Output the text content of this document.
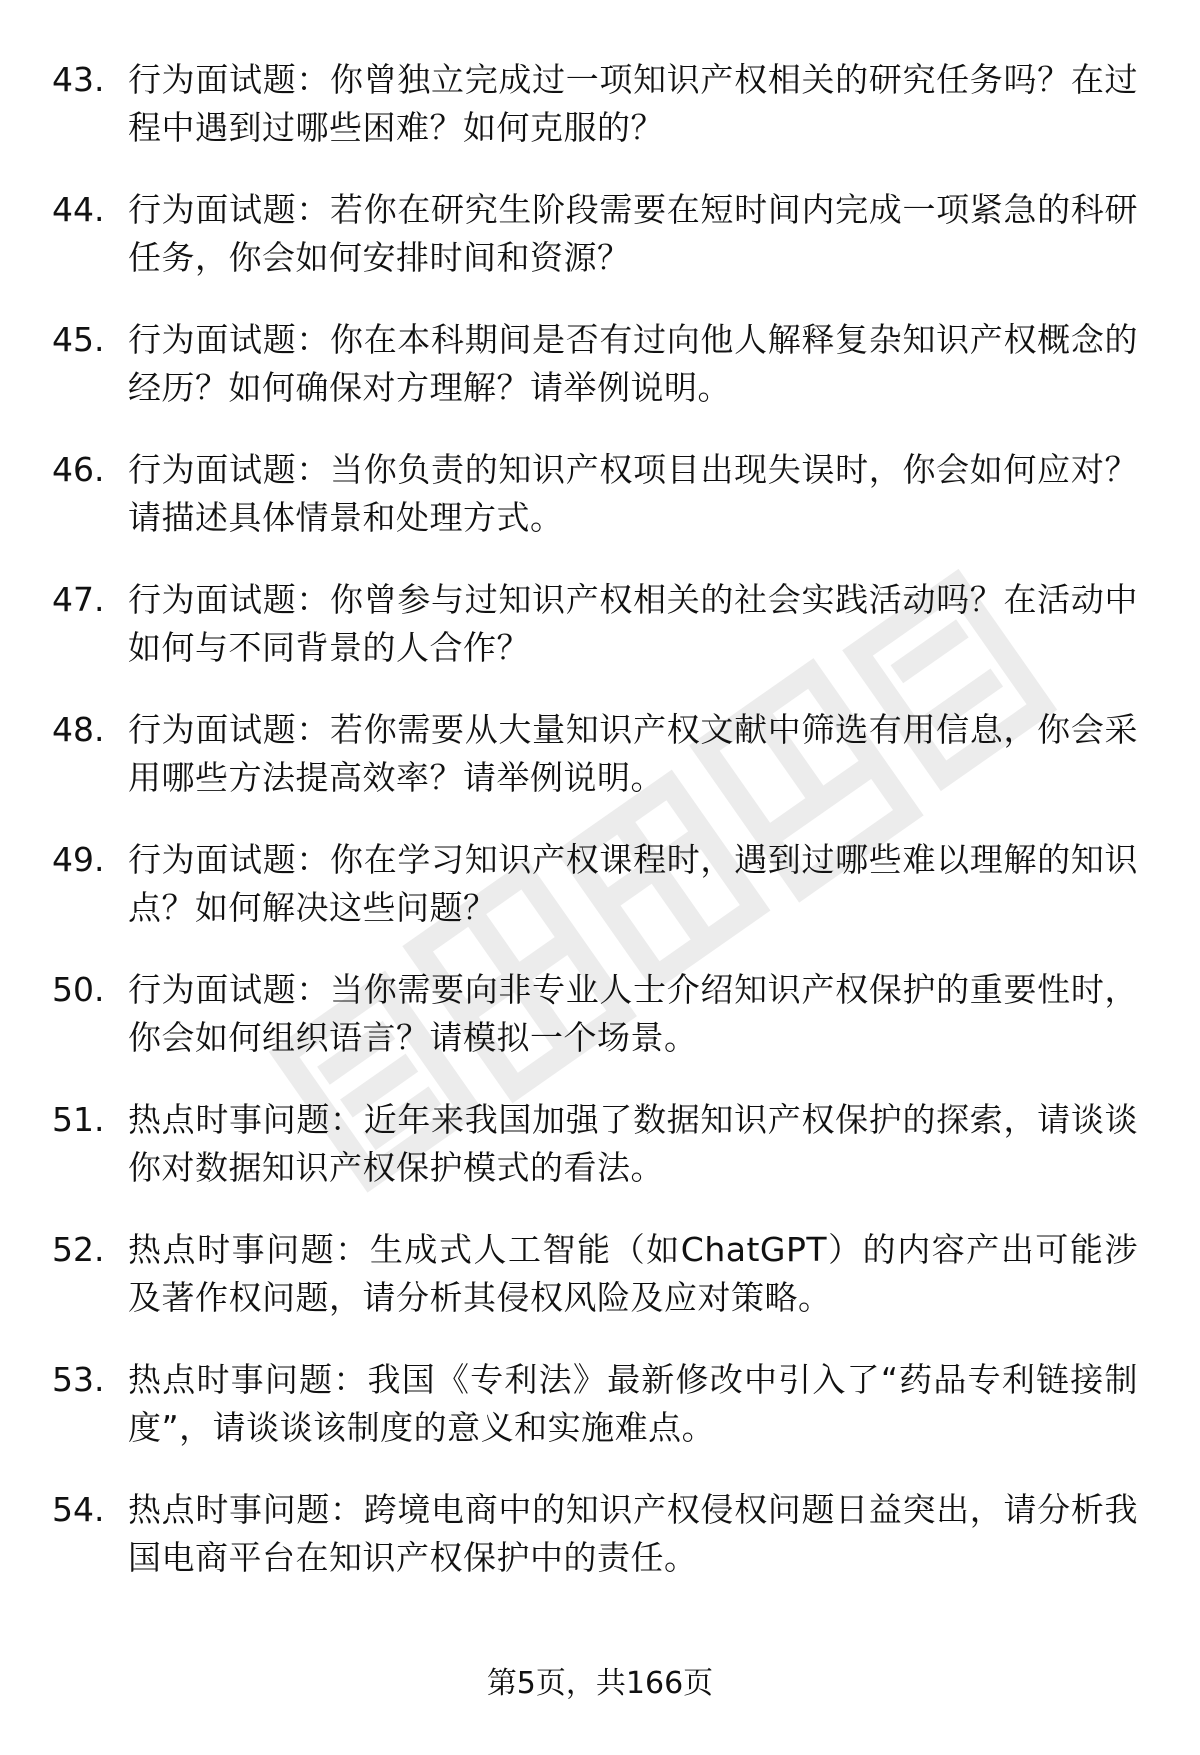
43. 行为面试题：你曾独立完成过一项知识产权相关的研究任务吗？在过程中遇到过哪些困难？如何克服的？
44. 行为面试题：若你在研究生阶段需要在短时间内完成一项紧急的科研任务，你会如何安排时间和资源？
45. 行为面试题：你在本科期间是否有过向他人解释复杂知识产权概念的经历？如何确保对方理解？请举例说明。
46. 行为面试题：当你负责的知识产权项目出现失误时，你会如何应对？请描述具体情景和处理方式。
47. 行为面试题：你曾参与过知识产权相关的社会实践活动吗？在活动中如何与不同背景的人合作？
48. 行为面试题：若你需要从大量知识产权文献中筛选有用信息，你会采用哪些方法提高效率？请举例说明。
49. 行为面试题：你在学习知识产权课程时，遇到过哪些难以理解的知识点？如何解决这些问题？
50. 行为面试题：当你需要向非专业人士介绍知识产权保护的重要性时，你会如何组织语言？请模拟一个场景。
51. 热点时事问题：近年来我国加强了数据知识产权保护的探索，请谈谈你对数据知识产权保护模式的看法。
52. 热点时事问题：生成式人工智能（如ChatGPT）的内容产出可能涉及著作权问题，请分析其侵权风险及应对策略。
53. 热点时事问题：我国《专利法》最新修改中引入了“药品专利链接制度”，请谈谈该制度的意义和实施难点。
54. 热点时事问题：跨境电商中的知识产权侵权问题日益突出，请分析我国电商平台在知识产权保护中的责任。
第5页，共166页
